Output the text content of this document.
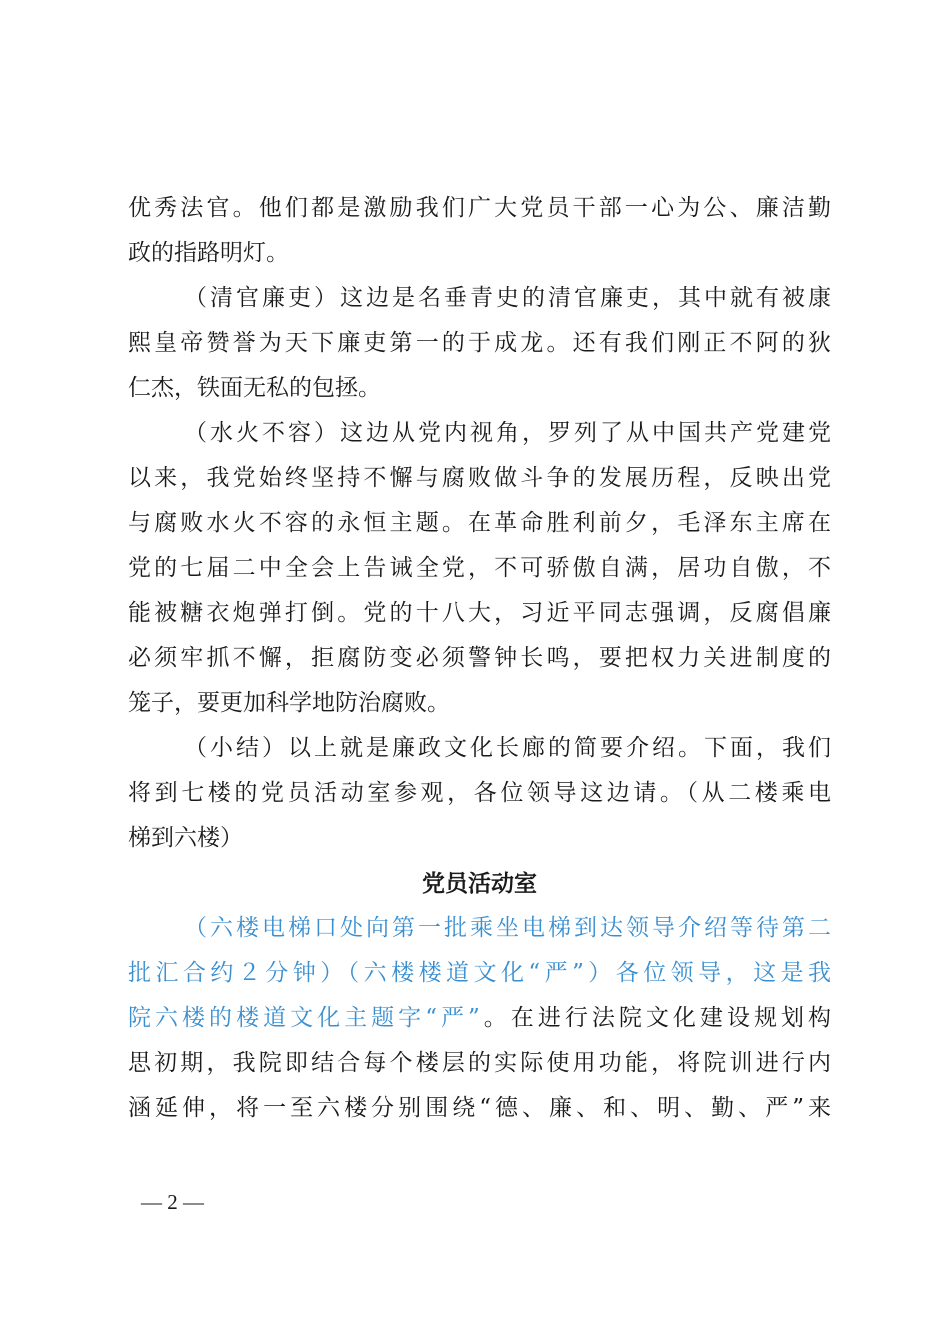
优秀法官。他们都是激励我们广大党员干部一心为公、廉洁勤
政的指路明灯。
（清官廉吏）这边是名垂青史的清官廉吏，其中就有被康
熙皇帝赞誉为天下廉吏第一的于成龙。还有我们刚正不阿的狄
仁杰，铁面无私的包拯。
（水火不容）这边从党内视角，罗列了从中国共产党建党
以来，我党始终坚持不懈与腐败做斗争的发展历程，反映出党
与腐败水火不容的永恒主题。在革命胜利前夕，毛泽东主席在
党的七届二中全会上告诫全党，不可骄傲自满，居功自傲，不
能被糖衣炮弹打倒。党的十八大，习近平同志强调，反腐倡廉
必须牢抓不懈，拒腐防变必须警钟长鸣，要把权力关进制度的
笼子，要更加科学地防治腐败。
（小结）以上就是廉政文化长廊的简要介绍。下面，我们
将到七楼的党员活动室参观，各位领导这边请。（从二楼乘电
梯到六楼）
党员活动室
（六楼电梯口处向第一批乘坐电梯到达领导介绍等待第二
批汇合约２分钟）（六楼楼道文化“严”）各位领导，这是我
院六楼的楼道文化主题字“严”。在进行法院文化建设规划构
思初期，我院即结合每个楼层的实际使用功能，将院训进行内
涵延伸，将一至六楼分别围绕“德、廉、和、明、勤、严”来
— 2 —
